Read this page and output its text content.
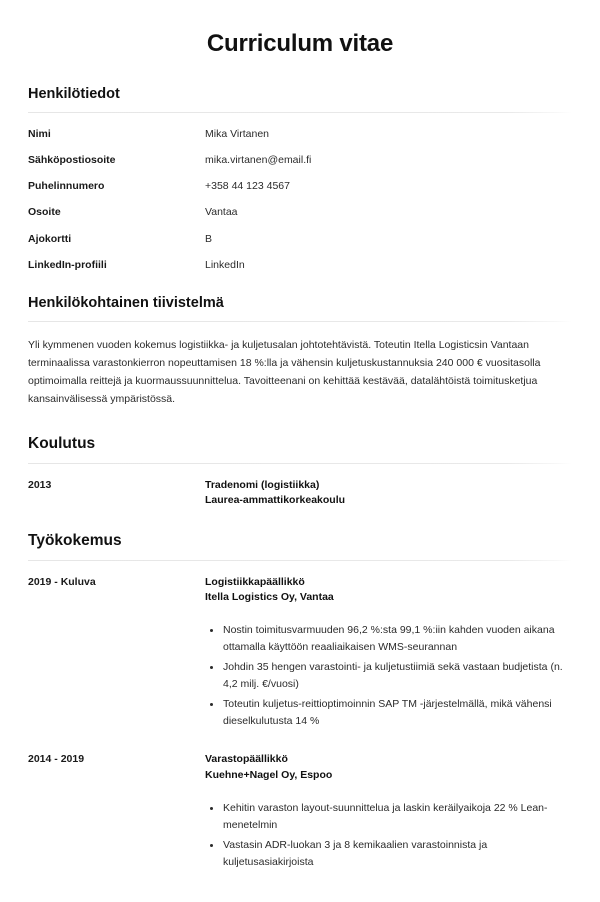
Curriculum vitae
Henkilötiedot
Nimi	Mika Virtanen
Sähköpostiosoite	mika.virtanen@email.fi
Puhelinnumero	+358 44 123 4567
Osoite	Vantaa
Ajokortti	B
LinkedIn-profiili	LinkedIn
Henkilökohtainen tiivistelmä

Yli kymmenen vuoden kokemus logistiikka- ja kuljetusalan johtotehtävistä. Toteutin Itella Logisticsin Vantaan terminaalissa varastonkierron nopeuttamisen 18 %:lla ja vähensin kuljetuskustannuksia 240 000 € vuositasolla optimoimalla reittejä ja kuormaussuunnittelua. Tavoitteenani on kehittää kestävää, datalähtöistä toimitusketjua kansainvälisessä ympäristössä.

Koulutus
2013	Tradenomi (logistiikka)
Laurea-ammattikorkeakoulu
Työkokemus
2019 - Kuluva	Logistiikkapäällikkö
Itella Logistics Oy, Vantaa
• Nostin toimitusvarmuuden 96,2 %:sta 99,1 %:iin kahden vuoden aikana ottamalla käyttöön reaaliaikaisen WMS-seurannan
• Johdin 35 hengen varastointi- ja kuljetustiimiä sekä vastaan budjetista (n. 4,2 milj. €/vuosi)
• Toteutin kuljetus-reittioptimoinnin SAP TM -järjestelmällä, mikä vähensi dieselkulutusta 14 %

2014 - 2019	Varastopäällikkö
Kuehne+Nagel Oy, Espoo
• Kehitin varaston layout-suunnittelua ja laskin keräilyaikoja 22 % Lean-menetelmin
• Vastasin ADR-luokan 3 ja 8 kemikaalien varastoinnista ja kuljetusasiakirjoista
